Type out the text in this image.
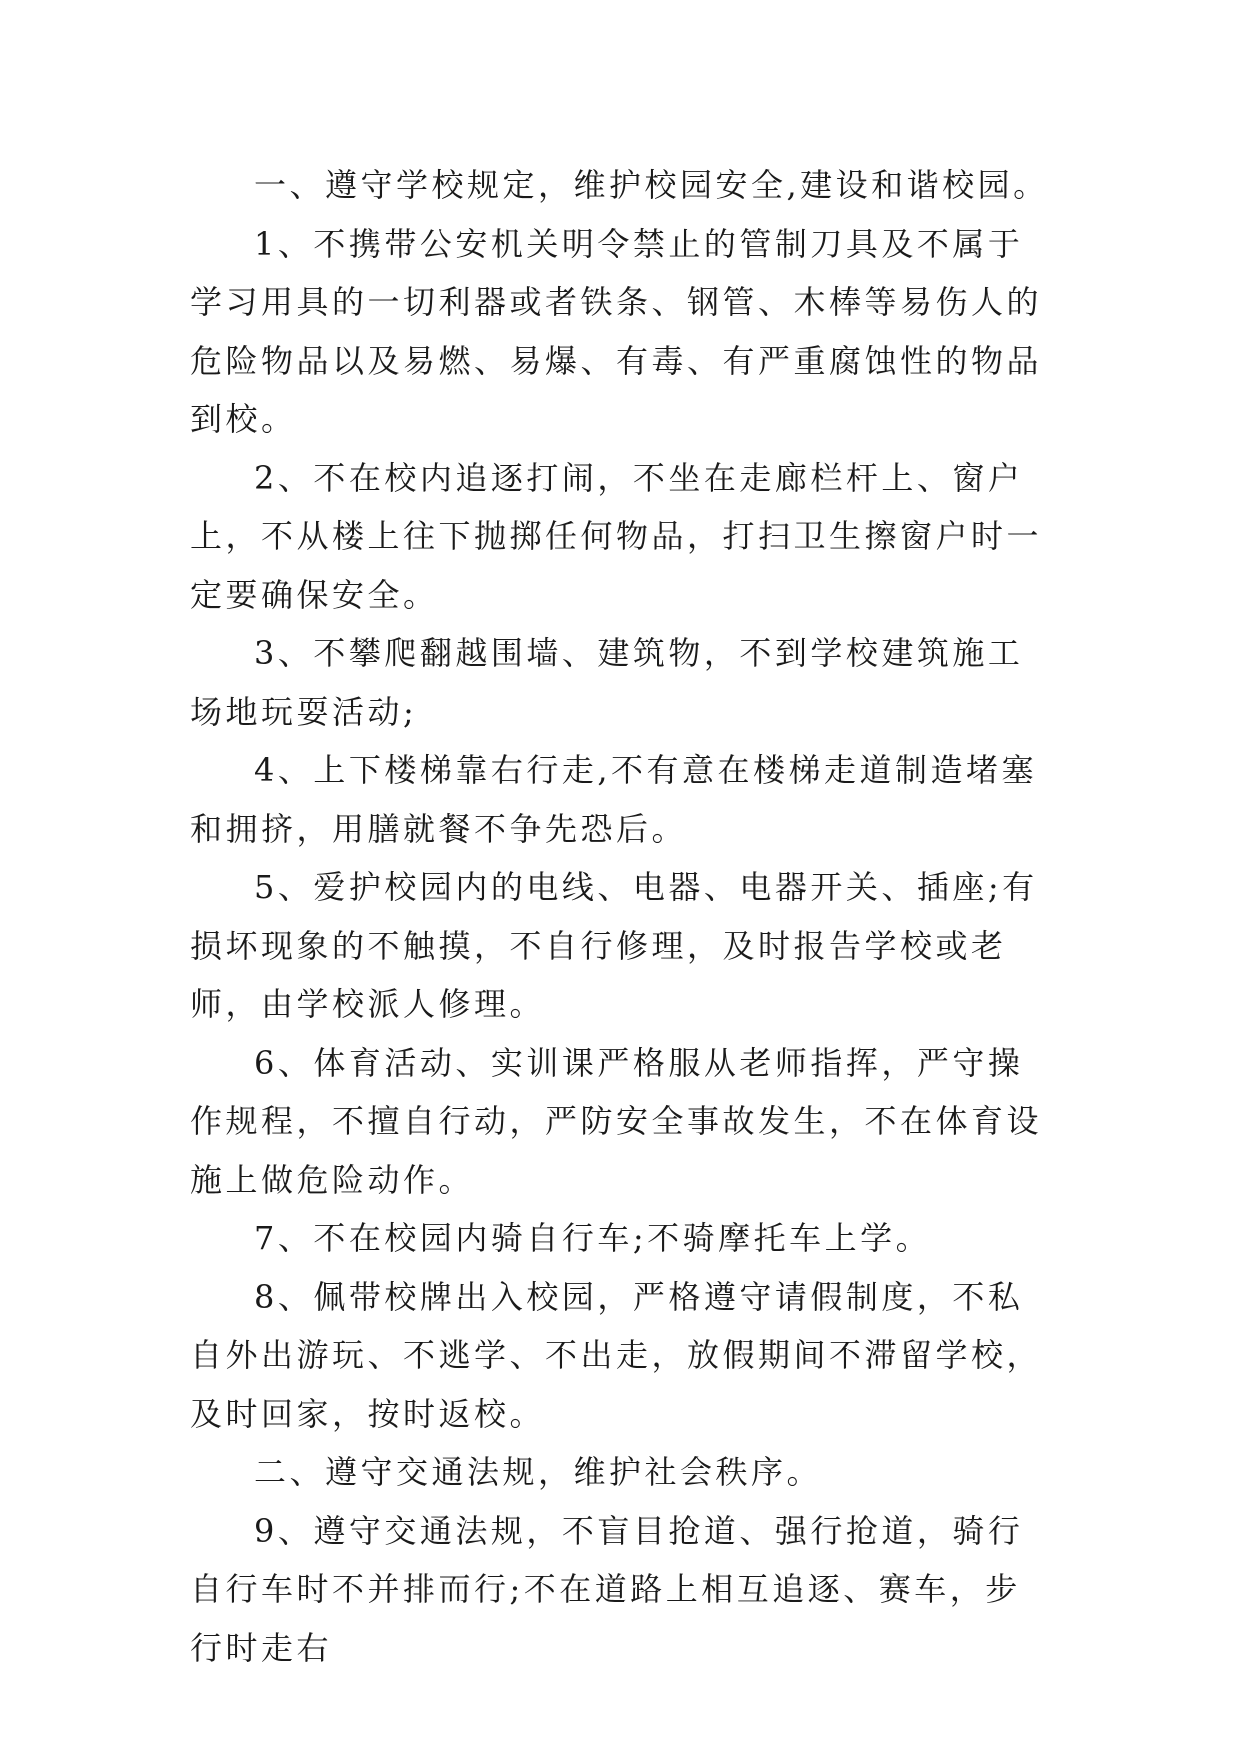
一、遵守学校规定，维护校园安全,建设和谐校园。

1、不携带公安机关明令禁止的管制刀具及不属于学习用具的一切利器或者铁条、钢管、木棒等易伤人的危险物品以及易燃、易爆、有毒、有严重腐蚀性的物品到校。

2、不在校内追逐打闹，不坐在走廊栏杆上、窗户上，不从楼上往下抛掷任何物品，打扫卫生擦窗户时一定要确保安全。

3、不攀爬翻越围墙、建筑物，不到学校建筑施工场地玩耍活动;

4、上下楼梯靠右行走,不有意在楼梯走道制造堵塞和拥挤，用膳就餐不争先恐后。

5、爱护校园内的电线、电器、电器开关、插座;有损坏现象的不触摸，不自行修理，及时报告学校或老师，由学校派人修理。

6、体育活动、实训课严格服从老师指挥，严守操作规程，不擅自行动，严防安全事故发生，不在体育设施上做危险动作。

7、不在校园内骑自行车;不骑摩托车上学。

8、佩带校牌出入校园，严格遵守请假制度，不私自外出游玩、不逃学、不出走，放假期间不滞留学校，及时回家，按时返校。

二、遵守交通法规，维护社会秩序。

9、遵守交通法规，不盲目抢道、强行抢道，骑行自行车时不并排而行;不在道路上相互追逐、赛车，步行时走右
